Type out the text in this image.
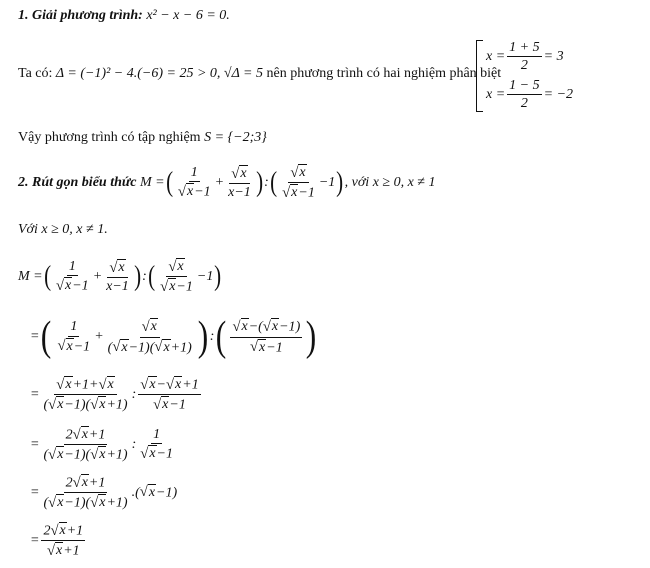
1. Giải phương trình: x² − x − 6 = 0.
Ta có: Δ = (−1)² − 4.(−6) = 25 > 0, √Δ = 5 nên phương trình có hai nghiệm phân biệt
$x = \frac{1 + 5}{2} = 3$
$x = \frac{1 - 5}{2} = -2$
Vậy phương trình có tập nghiệm S = {−2;3}
2. Rút gọn biểu thức
M
= ( $\frac{1}{√ x -1} + \frac{√ x}{x-1}$ ) : ( $\frac{√ x}{√ x -1} -1$ ) , với x ≥ 0, x ≠ 1
Với x ≥ 0, x ≠ 1.
M
= ( $\frac{1}{√ x -1} + \frac{√ x}{x-1}$ ) : ( $\frac{√ x}{√ x -1} -1$ )
= ( $\frac{1}{√ x -1} + \frac{√ x}{( √ x -1)( √ x +1)}$ ) : ( $\frac{√ x -( √ x -1)}{√ x -1}$ )
= $\frac{√ x +1+ √ x}{( √ x -1)( √ x +1)}$ : $\frac{√ x - √ x +1}{√ x -1}$
= $\frac{2 √ x +1}{( √ x -1)( √ x +1)}$ : $\frac{1}{√ x -1}$
= $\frac{2 √ x +1}{( √ x -1)( √ x +1)}$ . ( √ x −1)
= $\frac{2 √ x +1}{√ x +1}$
